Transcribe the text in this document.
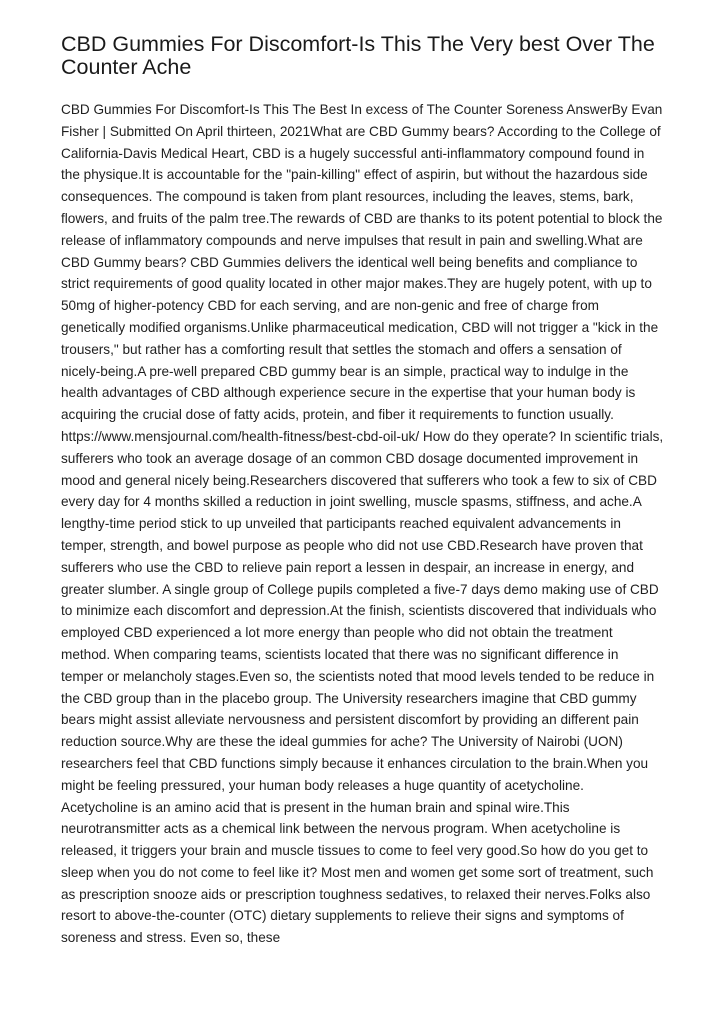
CBD Gummies For Discomfort-Is This The Very best Over The Counter Ache

CBD Gummies For Discomfort-Is This The Best In excess of The Counter Soreness AnswerBy Evan Fisher | Submitted On April thirteen, 2021What are CBD Gummy bears? According to the College of California-Davis Medical Heart, CBD is a hugely successful anti-inflammatory compound found in the physique.It is accountable for the "pain-killing" effect of aspirin, but without the hazardous side consequences. The compound is taken from plant resources, including the leaves, stems, bark, flowers, and fruits of the palm tree.The rewards of CBD are thanks to its potent potential to block the release of inflammatory compounds and nerve impulses that result in pain and swelling.What are CBD Gummy bears? CBD Gummies delivers the identical well being benefits and compliance to strict requirements of good quality located in other major makes.They are hugely potent, with up to 50mg of higher-potency CBD for each serving, and are non-genic and free of charge from genetically modified organisms.Unlike pharmaceutical medication, CBD will not trigger a "kick in the trousers," but rather has a comforting result that settles the stomach and offers a sensation of nicely-being.A pre-well prepared CBD gummy bear is an simple, practical way to indulge in the health advantages of CBD although experience secure in the expertise that your human body is acquiring the crucial dose of fatty acids, protein, and fiber it requirements to function usually. https://www.mensjournal.com/health-fitness/best-cbd-oil-uk/ How do they operate? In scientific trials, sufferers who took an average dosage of an common CBD dosage documented improvement in mood and general nicely being.Researchers discovered that sufferers who took a few to six of CBD every day for 4 months skilled a reduction in joint swelling, muscle spasms, stiffness, and ache.A lengthy-time period stick to up unveiled that participants reached equivalent advancements in temper, strength, and bowel purpose as people who did not use CBD.Research have proven that sufferers who use the CBD to relieve pain report a lessen in despair, an increase in energy, and greater slumber. A single group of College pupils completed a five-7 days demo making use of CBD to minimize each discomfort and depression.At the finish, scientists discovered that individuals who employed CBD experienced a lot more energy than people who did not obtain the treatment method. When comparing teams, scientists located that there was no significant difference in temper or melancholy stages.Even so, the scientists noted that mood levels tended to be reduce in the CBD group than in the placebo group. The University researchers imagine that CBD gummy bears might assist alleviate nervousness and persistent discomfort by providing an different pain reduction source.Why are these the ideal gummies for ache? The University of Nairobi (UON) researchers feel that CBD functions simply because it enhances circulation to the brain.When you might be feeling pressured, your human body releases a huge quantity of acetycholine. Acetycholine is an amino acid that is present in the human brain and spinal wire.This neurotransmitter acts as a chemical link between the nervous program. When acetycholine is released, it triggers your brain and muscle tissues to come to feel very good.So how do you get to sleep when you do not come to feel like it? Most men and women get some sort of treatment, such as prescription snooze aids or prescription toughness sedatives, to relaxed their nerves.Folks also resort to above-the-counter (OTC) dietary supplements to relieve their signs and symptoms of soreness and stress. Even so, these
